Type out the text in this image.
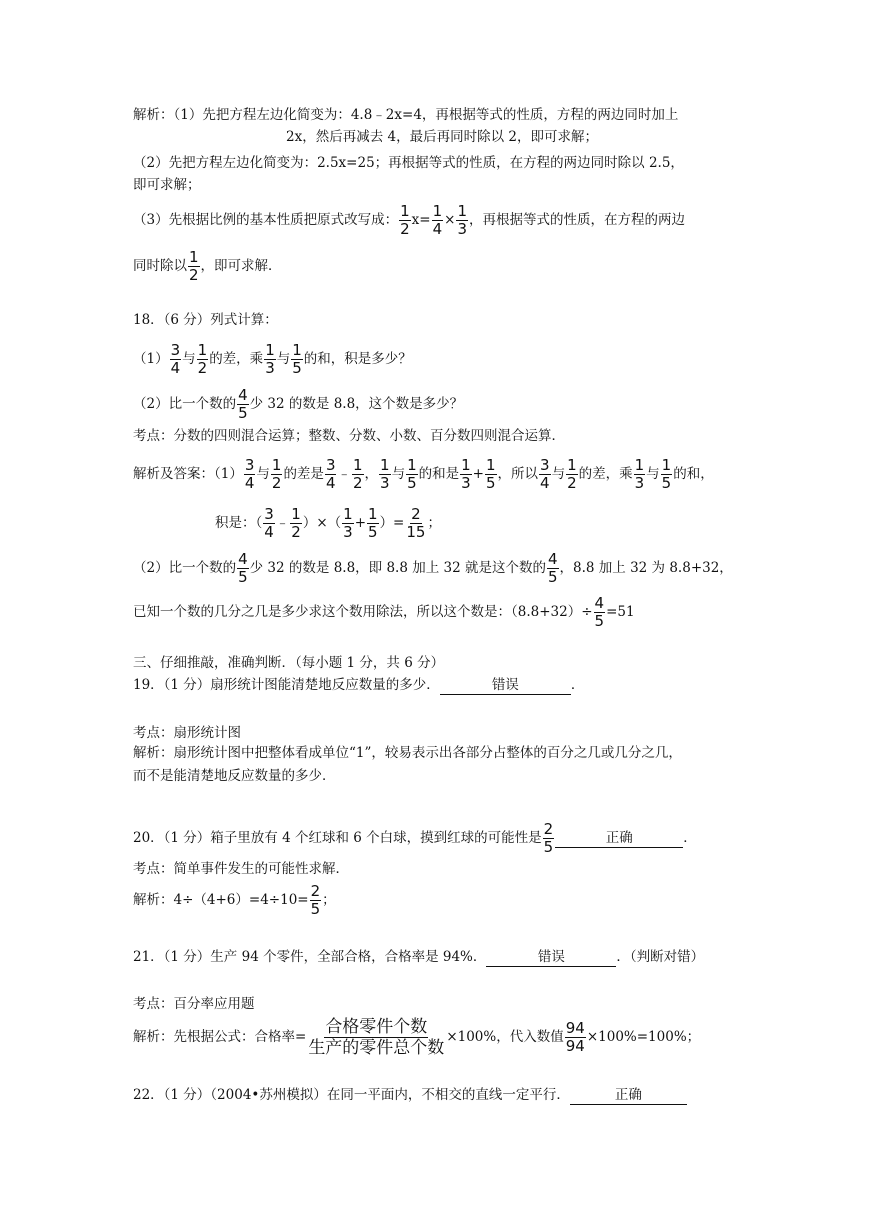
解析：（1）先把方程左边化简变为：4.8﹣2x=4，再根据等式的性质，方程的两边同时加上
2x，然后再减去 4，最后再同时除以 2，即可求解；
（2）先把方程左边化简变为：2.5x=25；再根据等式的性质，在方程的两边同时除以 2.5，
即可求解；
（3）先根据比例的基本性质把原式改写成： $\frac{1}{2} x= \frac{1}{4} \times \frac{1}{3}$ ，再根据等式的性质，在方程的两边
同时除以 $\frac{1}{2}$ ，即可求解．
18．（6 分）列式计算：
$(1) \frac{3}{4}$ 与 $\frac{1}{2}$ 的差，乘 $\frac{1}{3}$ 与 $\frac{1}{5}$ 的和，积是多少？
（2）比一个数的 $\frac{4}{5}$ 少 32 的数是 8.8，这个数是多少？
考点：分数的四则混合运算；整数、分数、小数、百分数四则混合运算．
解析及答案：$(1) \frac{3}{4}$ 与 $\frac{1}{2}$ 的差是 $\frac{3}{4}$ ﹣ $\frac{1}{2}$ ， $\frac{1}{3}$ 与 $\frac{1}{5}$ 的和是 $\frac{1}{3} + \frac{1}{5}$ ，所以 $\frac{3}{4}$ 与 $\frac{1}{2}$ 的差，乘 $\frac{1}{3}$ 与 $\frac{1}{5}$ 的和，
积是：（ $\frac{3}{4}$ ﹣ $\frac{1}{2}$ ）×（ $\frac{1}{3} + \frac{1}{5}$ ）= $\frac{2}{15}$ ；
（2）比一个数的 $\frac{4}{5}$ 少 32 的数是 8.8，即 8.8 加上 32 就是这个数的 $\frac{4}{5}$ ，8.8 加上 32 为 8.8+32，
已知一个数的几分之几是多少求这个数用除法，所以这个数是：$(8.8+32)\div \frac{4}{5} =51$
三、仔细推敲，准确判断．（每小题 1 分，共 6 分）
19．（1 分）扇形统计图能清楚地反应数量的多少．	错误	．
考点：扇形统计图
解析：扇形统计图中把整体看成单位“1”，较易表示出各部分占整体的百分之几或几分之几，
而不是能清楚地反应数量的多少．
20．（1 分）箱子里放有 4 个红球和 6 个白球，摸到红球的可能性是 $\frac{2}{5}$	正确	．
考点：简单事件发生的可能性求解．
解析：$4\div(4+6)=4\div 10= \frac{2}{5}$ ；
21．（1 分）生产 94 个零件，全部合格，合格率是 94%．	错误	．（判断对错）
考点：百分率应用题
解析：先根据公式：合格率= $\frac{\text{合格零件个数}}{\text{生产的零件总个数}} \times 100\%$，代入数值 $\frac{94}{94} \times 100\%=100\%$；
22．（1 分）（2004•苏州模拟）在同一平面内，不相交的直线一定平行．	正确
